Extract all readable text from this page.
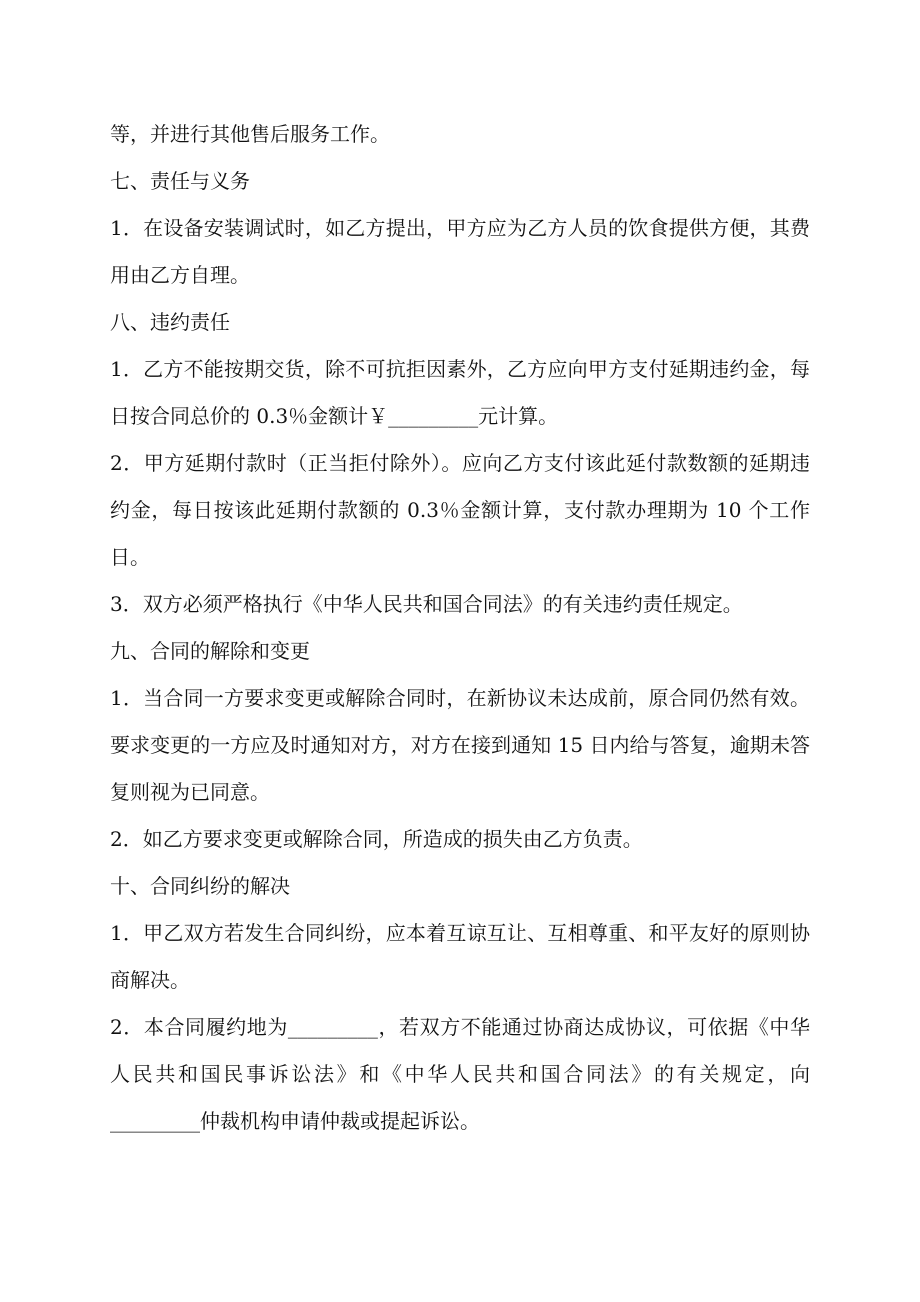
等，并进行其他售后服务工作。

七、责任与义务

1．在设备安装调试时，如乙方提出，甲方应为乙方人员的饮食提供方便，其费用由乙方自理。

八、违约责任

1．乙方不能按期交货，除不可抗拒因素外，乙方应向甲方支付延期违约金，每日按合同总价的 0.3％金额计￥_________元计算。

2．甲方延期付款时（正当拒付除外）。应向乙方支付该此延付款数额的延期违约金，每日按该此延期付款额的 0.3％金额计算，支付款办理期为 10 个工作日。

3．双方必须严格执行《中华人民共和国合同法》的有关违约责任规定。

九、合同的解除和变更

1．当合同一方要求变更或解除合同时，在新协议未达成前，原合同仍然有效。要求变更的一方应及时通知对方，对方在接到通知 15 日内给与答复，逾期未答复则视为已同意。

2．如乙方要求变更或解除合同，所造成的损失由乙方负责。

十、合同纠纷的解决

1．甲乙双方若发生合同纠纷，应本着互谅互让、互相尊重、和平友好的原则协商解决。

2．本合同履约地为_________，若双方不能通过协商达成协议，可依据《中华人民共和国民事诉讼法》和《中华人民共和国合同法》的有关规定，向_________仲裁机构申请仲裁或提起诉讼。
